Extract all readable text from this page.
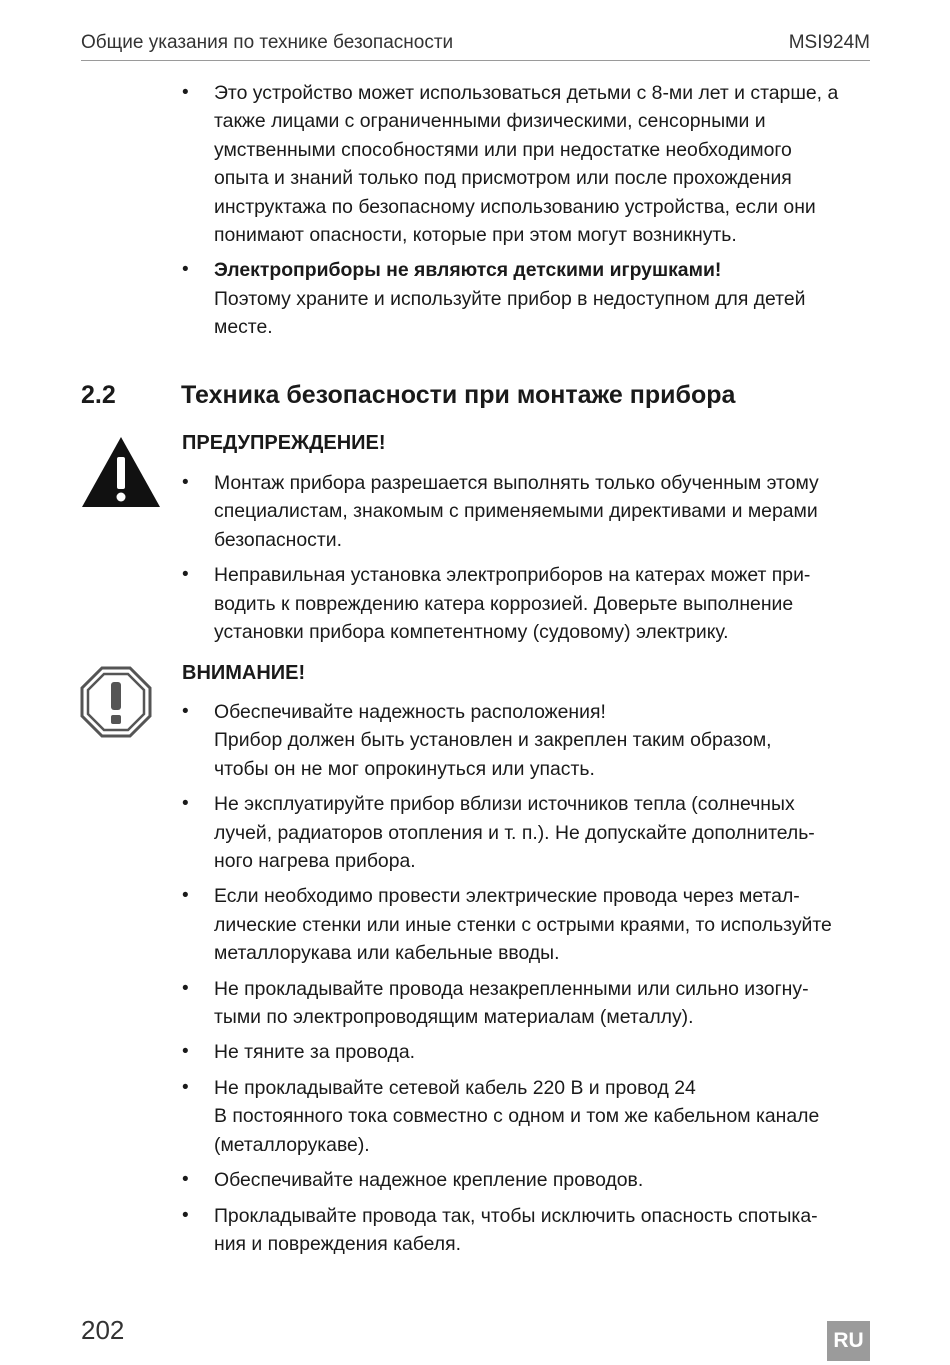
Общие указания по технике безопасности	MSI924M
• Это устройство может использоваться детьми с 8-ми лет и старше, а
также лицами с ограниченными физическими, сенсорными и
умственными способностями или при недостатке необходимого
опыта и знаний только под присмотром или после прохождения
инструктажа по безопасному использованию устройства, если они
понимают опасности, которые при этом могут возникнуть.
• Электроприборы не являются детскими игрушками!
Поэтому храните и используйте прибор в недоступном для детей
месте.
2.2	Техника безопасности при монтаже прибора
ПРЕДУПРЕЖДЕНИЕ!
• Монтаж прибора разрешается выполнять только обученным этому
специалистам, знакомым с применяемыми директивами и мерами
безопасности.
• Неправильная установка электроприборов на катерах может при-
водить к повреждению катера коррозией. Доверьте выполнение
установки прибора компетентному (судовому) электрику.
ВНИМАНИЕ!
• Обеспечивайте надежность расположения!
Прибор должен быть установлен и закреплен таким образом,
чтобы он не мог опрокинуться или упасть.
• Не эксплуатируйте прибор вблизи источников тепла (солнечных
лучей, радиаторов отопления и т. п.). Не допускайте дополнитель-
ного нагрева прибора.
• Если необходимо провести электрические провода через метал-
лические стенки или иные стенки с острыми краями, то используйте
металлорукава или кабельные вводы.
• Не прокладывайте провода незакрепленными или сильно изогну-
тыми по электропроводящим материалам (металлу).
• Не тяните за провода.
• Не прокладывайте сетевой кабель 220 В и провод 24
В постоянного тока совместно с одном и том же кабельном канале
(металлорукаве).
• Обеспечивайте надежное крепление проводов.
• Прокладывайте провода так, чтобы исключить опасность спотыка-
ния и повреждения кабеля.
202	RU
